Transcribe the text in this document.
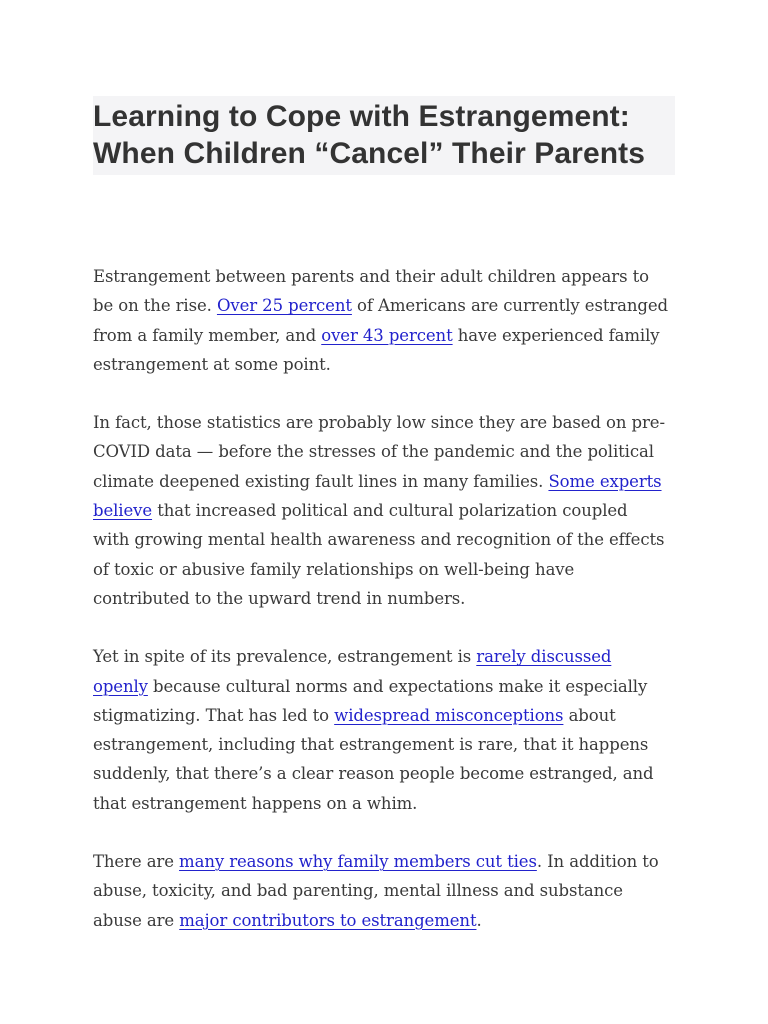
Learning to Cope with Estrangement:
When Children “Cancel” Their Parents

Estrangement between parents and their adult children appears to
be on the rise. Over 25 percent of Americans are currently estranged
from a family member, and over 43 percent have experienced family
estrangement at some point.

In fact, those statistics are probably low since they are based on pre-
COVID data — before the stresses of the pandemic and the political
climate deepened existing fault lines in many families. Some experts
believe that increased political and cultural polarization coupled
with growing mental health awareness and recognition of the effects
of toxic or abusive family relationships on well-being have
contributed to the upward trend in numbers.

Yet in spite of its prevalence, estrangement is rarely discussed
openly because cultural norms and expectations make it especially
stigmatizing. That has led to widespread misconceptions about
estrangement, including that estrangement is rare, that it happens
suddenly, that there’s a clear reason people become estranged, and
that estrangement happens on a whim.

There are many reasons why family members cut ties. In addition to
abuse, toxicity, and bad parenting, mental illness and substance
abuse are major contributors to estrangement.
